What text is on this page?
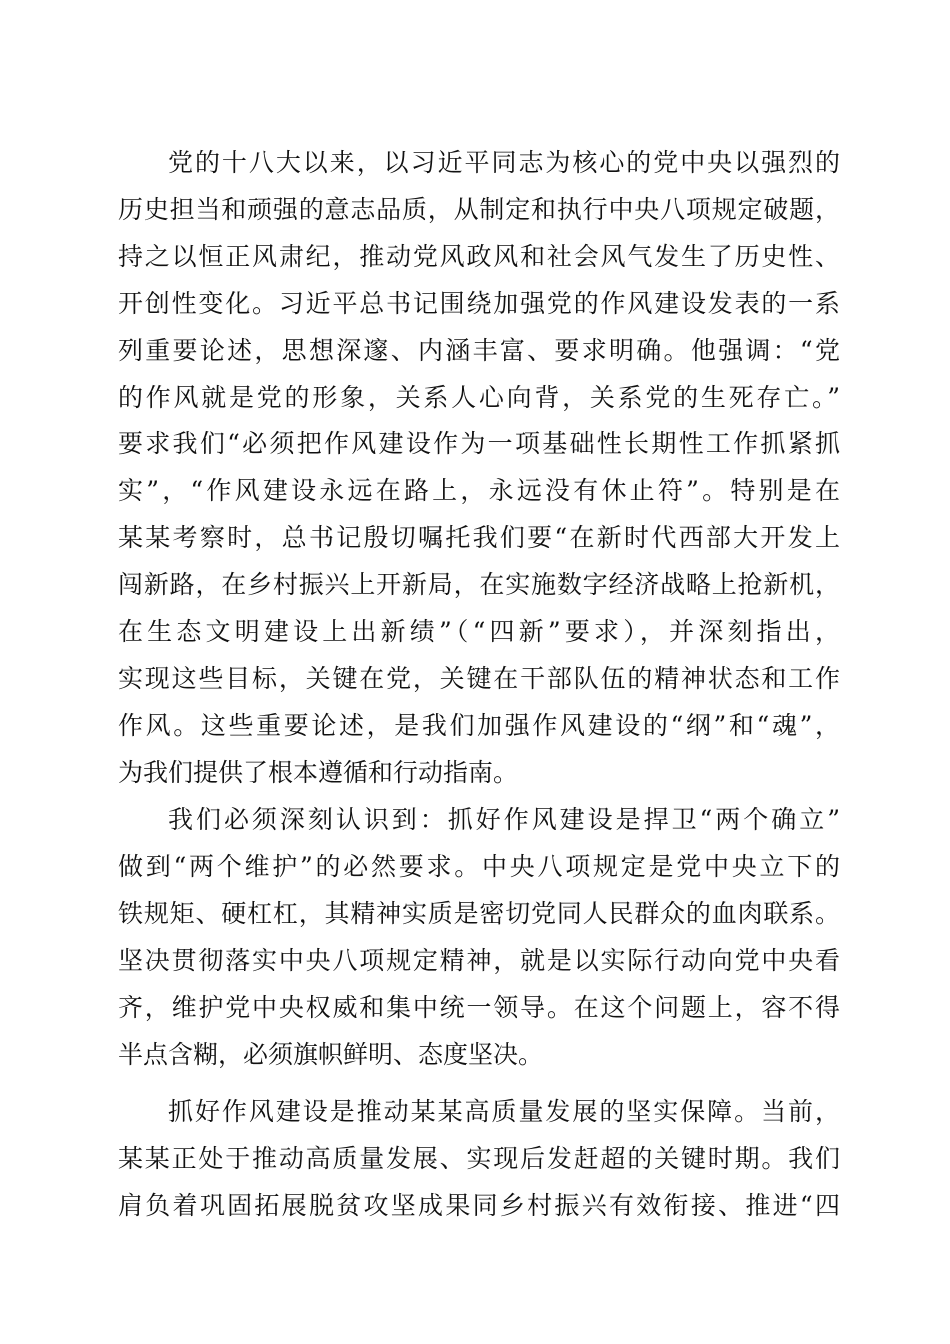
党的十八大以来，以习近平同志为核心的党中央以强烈的
历史担当和顽强的意志品质，从制定和执行中央八项规定破题，
持之以恒正风肃纪，推动党风政风和社会风气发生了历史性、
开创性变化。习近平总书记围绕加强党的作风建设发表的一系
列重要论述，思想深邃、内涵丰富、要求明确。他强调：“党
的作风就是党的形象，关系人心向背，关系党的生死存亡。”
要求我们“必须把作风建设作为一项基础性长期性工作抓紧抓
实”，“作风建设永远在路上，永远没有休止符”。特别是在
某某考察时，总书记殷切嘱托我们要“在新时代西部大开发上
闯新路，在乡村振兴上开新局，在实施数字经济战略上抢新机，
在生态文明建设上出新绩”（“四新”要求），并深刻指出，
实现这些目标，关键在党，关键在干部队伍的精神状态和工作
作风。这些重要论述，是我们加强作风建设的“纲”和“魂”，
为我们提供了根本遵循和行动指南。
我们必须深刻认识到：抓好作风建设是捍卫“两个确立”
做到“两个维护”的必然要求。中央八项规定是党中央立下的
铁规矩、硬杠杠，其精神实质是密切党同人民群众的血肉联系。
坚决贯彻落实中央八项规定精神，就是以实际行动向党中央看
齐，维护党中央权威和集中统一领导。在这个问题上，容不得
半点含糊，必须旗帜鲜明、态度坚决。
抓好作风建设是推动某某高质量发展的坚实保障。当前，
某某正处于推动高质量发展、实现后发赶超的关键时期。我们
肩负着巩固拓展脱贫攻坚成果同乡村振兴有效衔接、推进“四
